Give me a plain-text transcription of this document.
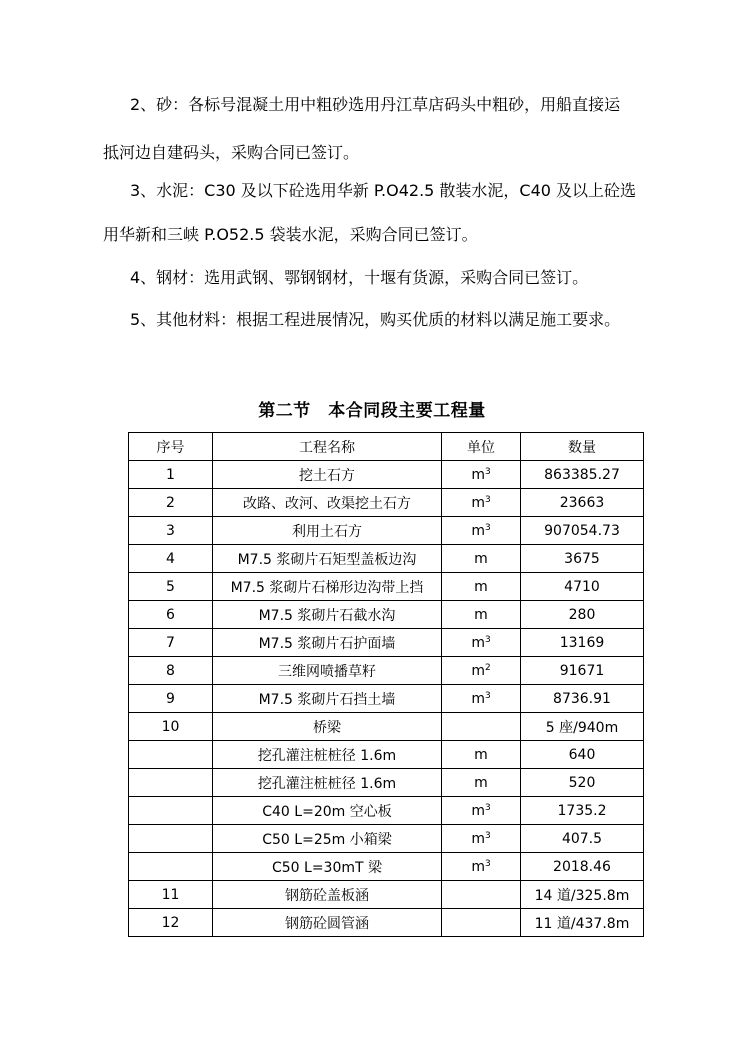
2、砂：各标号混凝土用中粗砂选用丹江草店码头中粗砂，用船直接运

抵河边自建码头，采购合同已签订。

3、水泥：C30 及以下砼选用华新 P.O42.5 散装水泥，C40 及以上砼选

用华新和三峡 P.O52.5 袋装水泥，采购合同已签订。

4、钢材：选用武钢、鄂钢钢材，十堰有货源，采购合同已签订。

5、其他材料：根据工程进展情况，购买优质的材料以满足施工要求。

第二节　本合同段主要工程量
序号	工程名称	单位	数量
1	挖土石方	$m^3$	863385.27
2	改路、改河、改渠挖土石方	$m^3$	23663
3	利用土石方	$m^3$	907054.73
4	M7.5 浆砌片石矩型盖板边沟	m	3675
5	M7.5 浆砌片石梯形边沟带上挡	m	4710
6	M7.5 浆砌片石截水沟	m	280
7	M7.5 浆砌片石护面墙	$m^3$	13169
8	三维网喷播草籽	$m^2$	91671
9	M7.5 浆砌片石挡土墙	$m^3$	8736.91
10	桥梁		5 座/940m
	挖孔灌注桩桩径 1.6m	m	640
	挖孔灌注桩桩径 1.6m	m	520
	C40 L=20m 空心板	$m^3$	1735.2
	C50 L=25m 小箱梁	$m^3$	407.5
	C50 L=30mT 梁	$m^3$	2018.46
11	钢筋砼盖板涵		14 道/325.8m
12	钢筋砼圆管涵		11 道/437.8m
